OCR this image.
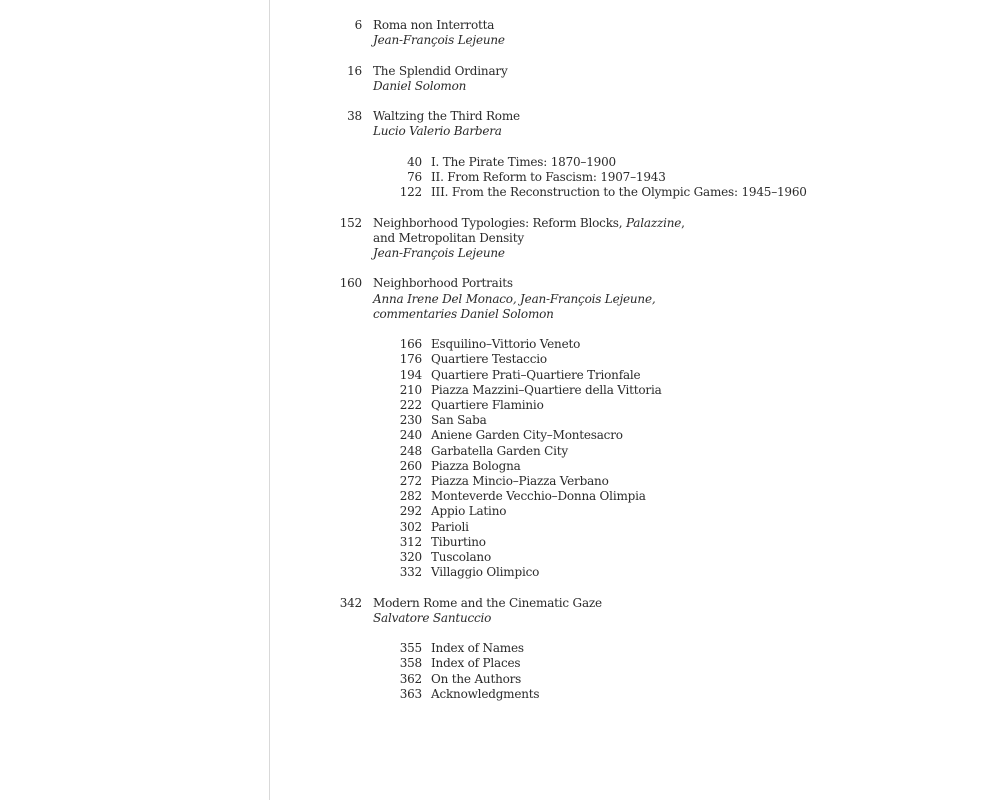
6 Roma non Interrotta
Jean-François Lejeune
16 The Splendid Ordinary
Daniel Solomon
38 Waltzing the Third Rome
Lucio Valerio Barbera
40 I. The Pirate Times: 1870–1900
76 II. From Reform to Fascism: 1907–1943
122 III. From the Reconstruction to the Olympic Games: 1945–1960
152 Neighborhood Typologies: Reform Blocks, Palazzine,
and Metropolitan Density
Jean-François Lejeune
160 Neighborhood Portraits
Anna Irene Del Monaco, Jean-François Lejeune,
commentaries Daniel Solomon
166 Esquilino–Vittorio Veneto
176 Quartiere Testaccio
194 Quartiere Prati–Quartiere Trionfale
210 Piazza Mazzini–Quartiere della Vittoria
222 Quartiere Flaminio
230 San Saba
240 Aniene Garden City–Montesacro
248 Garbatella Garden City
260 Piazza Bologna
272 Piazza Mincio–Piazza Verbano
282 Monteverde Vecchio–Donna Olimpia
292 Appio Latino
302 Parioli
312 Tiburtino
320 Tuscolano
332 Villaggio Olimpico
342 Modern Rome and the Cinematic Gaze
Salvatore Santuccio
355 Index of Names
358 Index of Places
362 On the Authors
363 Acknowledgments
